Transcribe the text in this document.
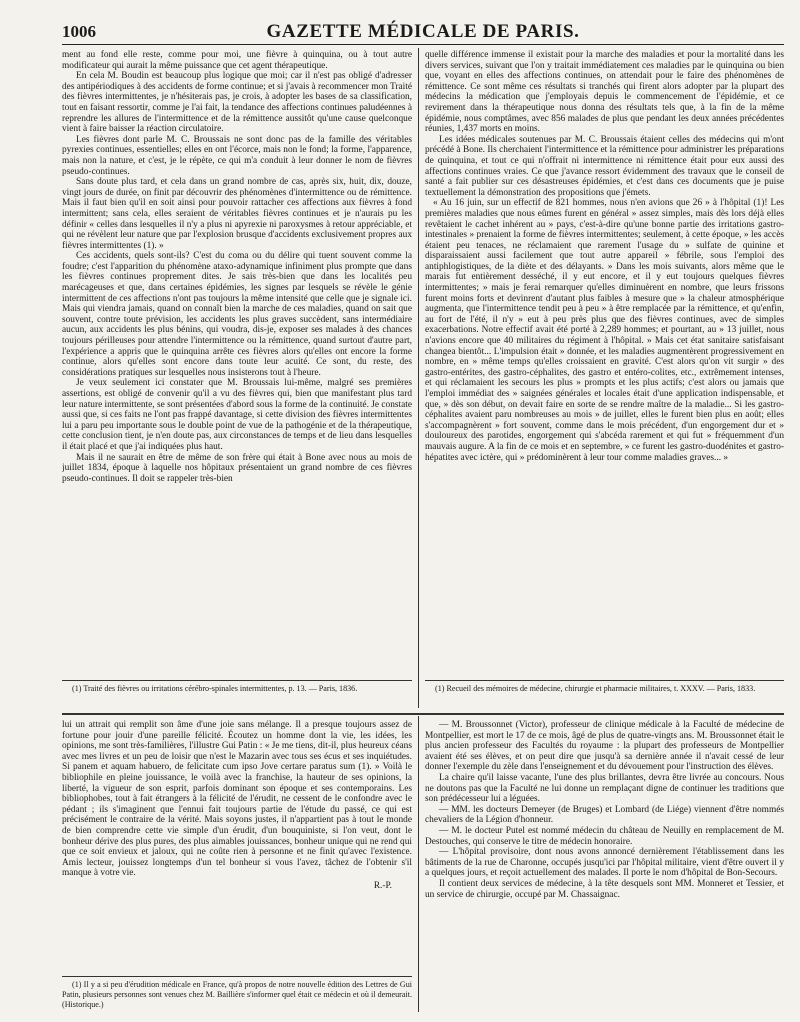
1006	GAZETTE MÉDICALE DE PARIS.

ment au fond elle reste, comme pour moi, une fièvre à quinquina, ou à tout autre modificateur qui aurait la même puissance que cet agent thérapeutique.

En cela M. Boudin est beaucoup plus logique que moi; car il n'est pas obligé d'adresser des antipériodiques à des accidents de forme continue; et si j'avais à recommencer mon Traité des fièvres intermittentes, je n'hésiterais pas, je crois, à adopter les bases de sa classification, tout en faisant ressortir, comme je l'ai fait, la tendance des affections continues paludéennes à reprendre les allures de l'intermittence et de la rémittence aussitôt qu'une cause quelconque vient à faire baisser la réaction circulatoire.

Les fièvres dont parle M. C. Broussais ne sont donc pas de la famille des véritables pyrexies continues, essentielles; elles en ont l'écorce, mais non le fond; la forme, l'apparence, mais non la nature, et c'est, je le répète, ce qui m'a conduit à leur donner le nom de fièvres pseudo-continues.

Sans doute plus tard, et cela dans un grand nombre de cas, après six, huit, dix, douze, vingt jours de durée, on finit par découvrir des phénomènes d'intermittence ou de rémittence. Mais il faut bien qu'il en soit ainsi pour pouvoir rattacher ces affections aux fièvres à fond intermittent; sans cela, elles seraient de véritables fièvres continues et je n'aurais pu les définir « celles dans lesquelles il n'y a plus ni apyrexie ni paroxysmes à retour appréciable, et qui ne révèlent leur nature que par l'explosion brusque d'accidents exclusivement propres aux fièvres intermittentes (1). »

Ces accidents, quels sont-ils? C'est du coma ou du délire qui tuent souvent comme la foudre; c'est l'apparition du phénomène ataxo-adynamique infiniment plus prompte que dans les fièvres continues proprement dites. Je sais très-bien que dans les localités peu marécageuses et que, dans certaines épidémies, les signes par lesquels se révèle le génie intermittent de ces affections n'ont pas toujours la même intensité que celle que je signale ici. Mais qui viendra jamais, quand on connaît bien la marche de ces maladies, quand on sait que souvent, contre toute prévision, les accidents les plus graves succèdent, sans intermédiaire aucun, aux accidents les plus bénins, qui voudra, dis-je, exposer ses malades à des chances toujours périlleuses pour attendre l'intermittence ou la rémittence, quand surtout d'autre part, l'expérience a appris que le quinquina arrête ces fièvres alors qu'elles ont encore la forme continue, alors qu'elles sont encore dans toute leur acuité. Ce sont, du reste, des considérations pratiques sur lesquelles nous insisterons tout à l'heure.

Je veux seulement ici constater que M. Broussais lui-même, malgré ses premières assertions, est obligé de convenir qu'il a vu des fièvres qui, bien que manifestant plus tard leur nature intermittente, se sont présentées d'abord sous la forme de la continuité. Je constate aussi que, si ces faits ne l'ont pas frappé davantage, si cette division des fièvres intermittentes lui a paru peu importante sous le double point de vue de la pathogénie et de la thérapeutique, cette conclusion tient, je n'en doute pas, aux circonstances de temps et de lieu dans lesquelles il était placé et que j'ai indiquées plus haut.

Mais il ne saurait en être de même de son frère qui était à Bone avec nous au mois de juillet 1834, époque à laquelle nos hôpitaux présentaient un grand nombre de ces fièvres pseudo-continues. Il doit se rappeler très-bien

quelle différence immense il existait pour la marche des maladies et pour la mortalité dans les divers services, suivant que l'on y traitait immédiatement ces maladies par le quinquina ou bien que, voyant en elles des affections continues, on attendait pour le faire des phénomènes de rémittence. Ce sont même ces résultats si tranchés qui firent alors adopter par la plupart des médecins la médication que j'employais depuis le commencement de l'épidémie, et ce revirement dans la thérapeutique nous donna des résultats tels que, à la fin de la même épidémie, nous comptâmes, avec 856 malades de plus que pendant les deux années précédentes réunies, 1,437 morts en moins.

Les idées médicales soutenues par M. C. Broussais étaient celles des médecins qui m'ont précédé à Bone. Ils cherchaient l'intermittence et la rémittence pour administrer les préparations de quinquina, et tout ce qui n'offrait ni intermittence ni rémittence était pour eux aussi des affections continues vraies. Ce que j'avance ressort évidemment des travaux que le conseil de santé a fait publier sur ces désastreuses épidémies, et c'est dans ces documents que je puise textuellement la démonstration des propositions que j'émets.

« Au 16 juin, sur un effectif de 821 hommes, nous n'en avions que 26 » à l'hôpital (1)! Les premières maladies que nous eûmes furent en général » assez simples, mais dès lors déjà elles revêtaient le cachet inhérent au » pays, c'est-à-dire qu'une bonne partie des irritations gastro-intestinales » prenaient la forme de fièvres intermittentes; seulement, à cette époque, » les accès étaient peu tenaces, ne réclamaient que rarement l'usage du » sulfate de quinine et disparaissaient aussi facilement que tout autre appareil » fébrile, sous l'emploi des antiphlogistiques, de la diète et des délayants. » Dans les mois suivants, alors même que le marais fut entièrement desséché, il y eut encore, et il y eut toujours quelques fièvres intermittentes; » mais je ferai remarquer qu'elles diminuèrent en nombre, que leurs frissons furent moins forts et devinrent d'autant plus faibles à mesure que » la chaleur atmosphérique augmenta, que l'intermittence tendit peu à peu » à être remplacée par la rémittence, et qu'enfin, au fort de l'été, il n'y » eut à peu près plus que des fièvres continues, avec de simples exacerbations. Notre effectif avait été porté à 2,289 hommes; et pourtant, au » 13 juillet, nous n'avions encore que 40 militaires du régiment à l'hôpital. » Mais cet état sanitaire satisfaisant changea bientôt... L'impulsion était » donnée, et les maladies augmentèrent progressivement en nombre, en » même temps qu'elles croissaient en gravité. C'est alors qu'on vit surgir » des gastro-entérites, des gastro-céphalites, des gastro et entéro-colites, etc., extrêmement intenses, et qui réclamaient les secours les plus » prompts et les plus actifs; c'est alors ou jamais que l'emploi immédiat des » saignées générales et locales était d'une application indispensable, et que, » dès son début, on devait faire en sorte de se rendre maître de la maladie... Si les gastro-céphalites avaient paru nombreuses au mois » de juillet, elles le furent bien plus en août; elles s'accompagnèrent » fort souvent, comme dans le mois précédent, d'un engorgement dur et » douloureux des parotides, engorgement qui s'abcéda rarement et qui fut » fréquemment d'un mauvais augure. A la fin de ce mois et en septembre, » ce furent les gastro-duodénites et gastro-hépatites avec ictère, qui » prédominèrent à leur tour comme maladies graves... »

(1) Traité des fièvres ou irritations cérébro-spinales intermittentes, p. 13. — Paris, 1836.	(1) Recueil des mémoires de médecine, chirurgie et pharmacie militaires, t. XXXV. — Paris, 1833.

lui un attrait qui remplit son âme d'une joie sans mélange. Il a presque toujours assez de fortune pour jouir d'une pareille félicité. Écoutez un homme dont la vie, les idées, les opinions, me sont très-familières, l'illustre Gui Patin : « Je me tiens, dit-il, plus heureux céans avec mes livres et un peu de loisir que n'est le Mazarin avec tous ses écus et ses inquiétudes. Si panem et aquam habuero, de felicitate cum ipso Jove certare paratus sum (1). » Voilà le bibliophile en pleine jouissance, le voilà avec la franchise, la hauteur de ses opinions, la liberté, la vigueur de son esprit, parfois dominant son époque et ses contemporains. Les bibliophobes, tout à fait étrangers à la félicité de l'érudit, ne cessent de le confondre avec le pédant ; ils s'imaginent que l'ennui fait toujours partie de l'étude du passé, ce qui est précisément le contraire de la vérité. Mais soyons justes, il n'appartient pas à tout le monde de bien comprendre cette vie simple d'un érudit, d'un bouquiniste, si l'on veut, dont le bonheur dérive des plus pures, des plus aimables jouissances, bonheur unique qui ne rend qui que ce soit envieux et jaloux, qui ne coûte rien à personne et ne finit qu'avec l'existence. Amis lecteur, jouissez longtemps d'un tel bonheur si vous l'avez, tâchez de l'obtenir s'il manque à votre vie.

R.-P.

(1) Il y a si peu d'érudition médicale en France, qu'à propos de notre nouvelle édition des Lettres de Gui Patin, plusieurs personnes sont venues chez M. Baillière s'informer quel était ce médecin et où il demeurait. (Historique.)

— M. Broussonnet (Victor), professeur de clinique médicale à la Faculté de médecine de Montpellier, est mort le 17 de ce mois, âgé de plus de quatre-vingts ans. M. Broussonnet était le plus ancien professeur des Facultés du royaume : la plupart des professeurs de Montpellier avaient été ses élèves, et on peut dire que jusqu'à sa dernière année il n'avait cessé de leur donner l'exemple du zèle dans l'enseignement et du dévouement pour l'instruction des élèves.

La chaire qu'il laisse vacante, l'une des plus brillantes, devra être livrée au concours. Nous ne doutons pas que la Faculté ne lui donne un remplaçant digne de continuer les traditions que son prédécesseur lui a léguées.

— MM. les docteurs Demeyer (de Bruges) et Lombard (de Liége) viennent d'être nommés chevaliers de la Légion d'honneur.

— M. le docteur Putel est nommé médecin du château de Neuilly en remplacement de M. Destouches, qui conserve le titre de médecin honoraire.

— L'hôpital provisoire, dont nous avons annoncé dernièrement l'établissement dans les bâtiments de la rue de Charonne, occupés jusqu'ici par l'hôpital militaire, vient d'être ouvert il y a quelques jours, et reçoit actuellement des malades. Il porte le nom d'hôpital de Bon-Secours.

Il contient deux services de médecine, à la tête desquels sont MM. Monneret et Tessier, et un service de chirurgie, occupé par M. Chassaignac.
